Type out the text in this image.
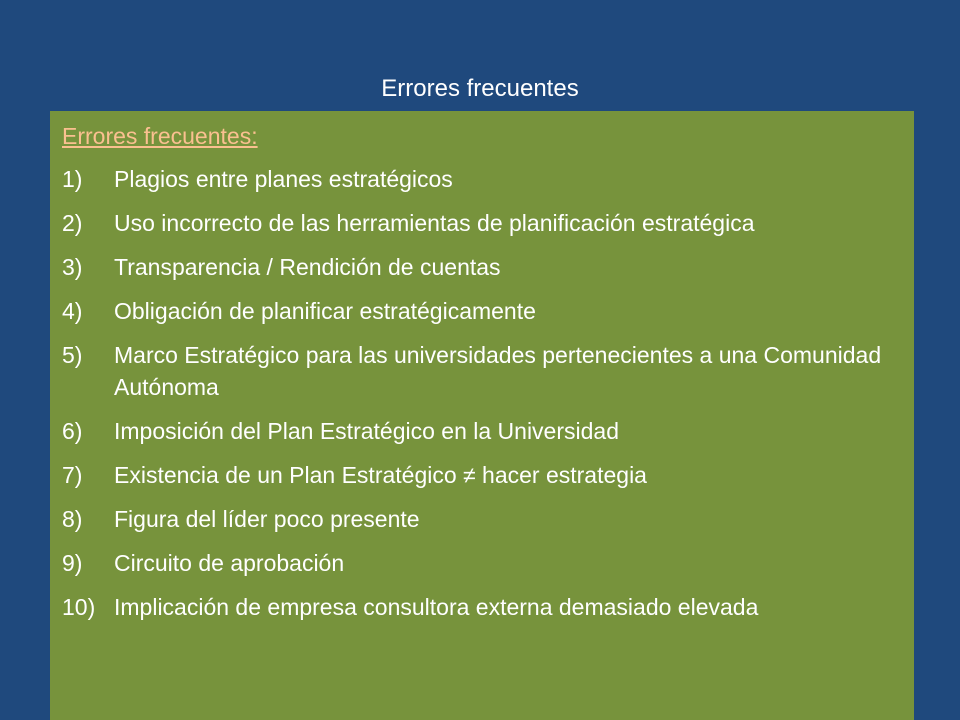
Errores frecuentes
Errores frecuentes:
1)	Plagios entre planes estratégicos
2)	Uso incorrecto de las herramientas de planificación estratégica
3)	Transparencia / Rendición de cuentas
4)	Obligación de planificar estratégicamente
5)	Marco Estratégico para las universidades pertenecientes a una Comunidad Autónoma
6)	Imposición del Plan Estratégico en la Universidad
7)	Existencia de un Plan Estratégico ≠ hacer estrategia
8)	Figura del líder poco presente
9)	Circuito de aprobación
10) Implicación de empresa consultora externa demasiado elevada
